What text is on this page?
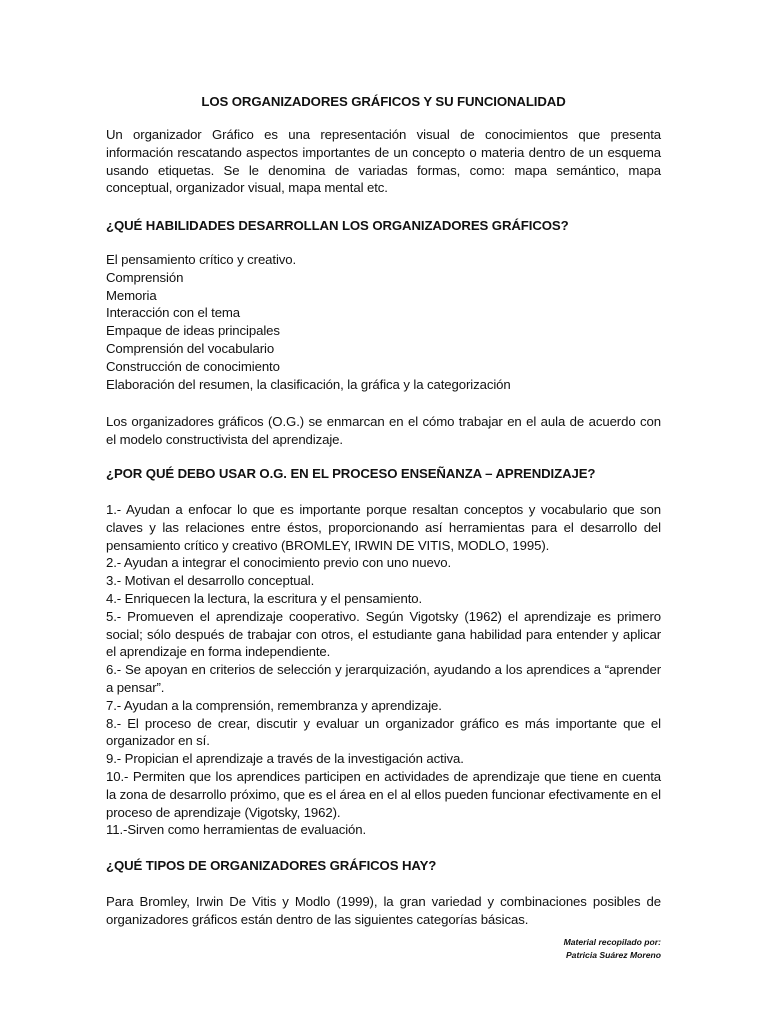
LOS ORGANIZADORES GRÁFICOS Y SU FUNCIONALIDAD

Un organizador Gráfico es una representación visual de conocimientos que presenta información rescatando aspectos importantes de un concepto o materia dentro de un esquema usando etiquetas. Se le denomina de variadas formas, como: mapa semántico, mapa conceptual, organizador visual, mapa mental etc.

¿QUÉ HABILIDADES DESARROLLAN LOS ORGANIZADORES GRÁFICOS?

El pensamiento crítico y creativo.
Comprensión
Memoria
Interacción con el tema
Empaque de ideas principales
Comprensión del vocabulario
Construcción de conocimiento
Elaboración del resumen, la clasificación, la gráfica y la categorización

Los organizadores gráficos (O.G.) se enmarcan en el cómo trabajar en el aula de acuerdo con el modelo constructivista del aprendizaje.

¿POR QUÉ DEBO USAR O.G. EN EL PROCESO ENSEÑANZA – APRENDIZAJE?

1.- Ayudan a enfocar lo que es importante porque resaltan conceptos y vocabulario que son claves y las relaciones entre éstos, proporcionando así herramientas para el desarrollo del pensamiento crítico y creativo (BROMLEY, IRWIN DE VITIS, MODLO, 1995).
2.- Ayudan a integrar el conocimiento previo con uno nuevo.
3.- Motivan el desarrollo conceptual.
4.- Enriquecen la lectura, la escritura y el pensamiento.
5.- Promueven el aprendizaje cooperativo. Según Vigotsky (1962) el aprendizaje es primero social; sólo después de trabajar con otros, el estudiante gana habilidad para entender y aplicar el aprendizaje en forma independiente.
6.- Se apoyan en criterios de selección y jerarquización, ayudando a los aprendices a “aprender a pensar”.
7.- Ayudan a la comprensión, remembranza y aprendizaje.
8.- El proceso de crear, discutir y evaluar un organizador gráfico es más importante que el organizador en sí.
9.- Propician el aprendizaje a través de la investigación activa.
10.- Permiten que los aprendices participen en actividades de aprendizaje que tiene en cuenta la zona de desarrollo próximo, que es el área en el al ellos pueden funcionar efectivamente en el proceso de aprendizaje (Vigotsky, 1962).
11.-Sirven como herramientas de evaluación.

¿QUÉ TIPOS DE ORGANIZADORES GRÁFICOS HAY?

Para Bromley, Irwin De Vitis y Modlo (1999), la gran variedad y combinaciones posibles de organizadores gráficos están dentro de las siguientes categorías básicas.

Material recopilado por:
Patricia Suárez Moreno
